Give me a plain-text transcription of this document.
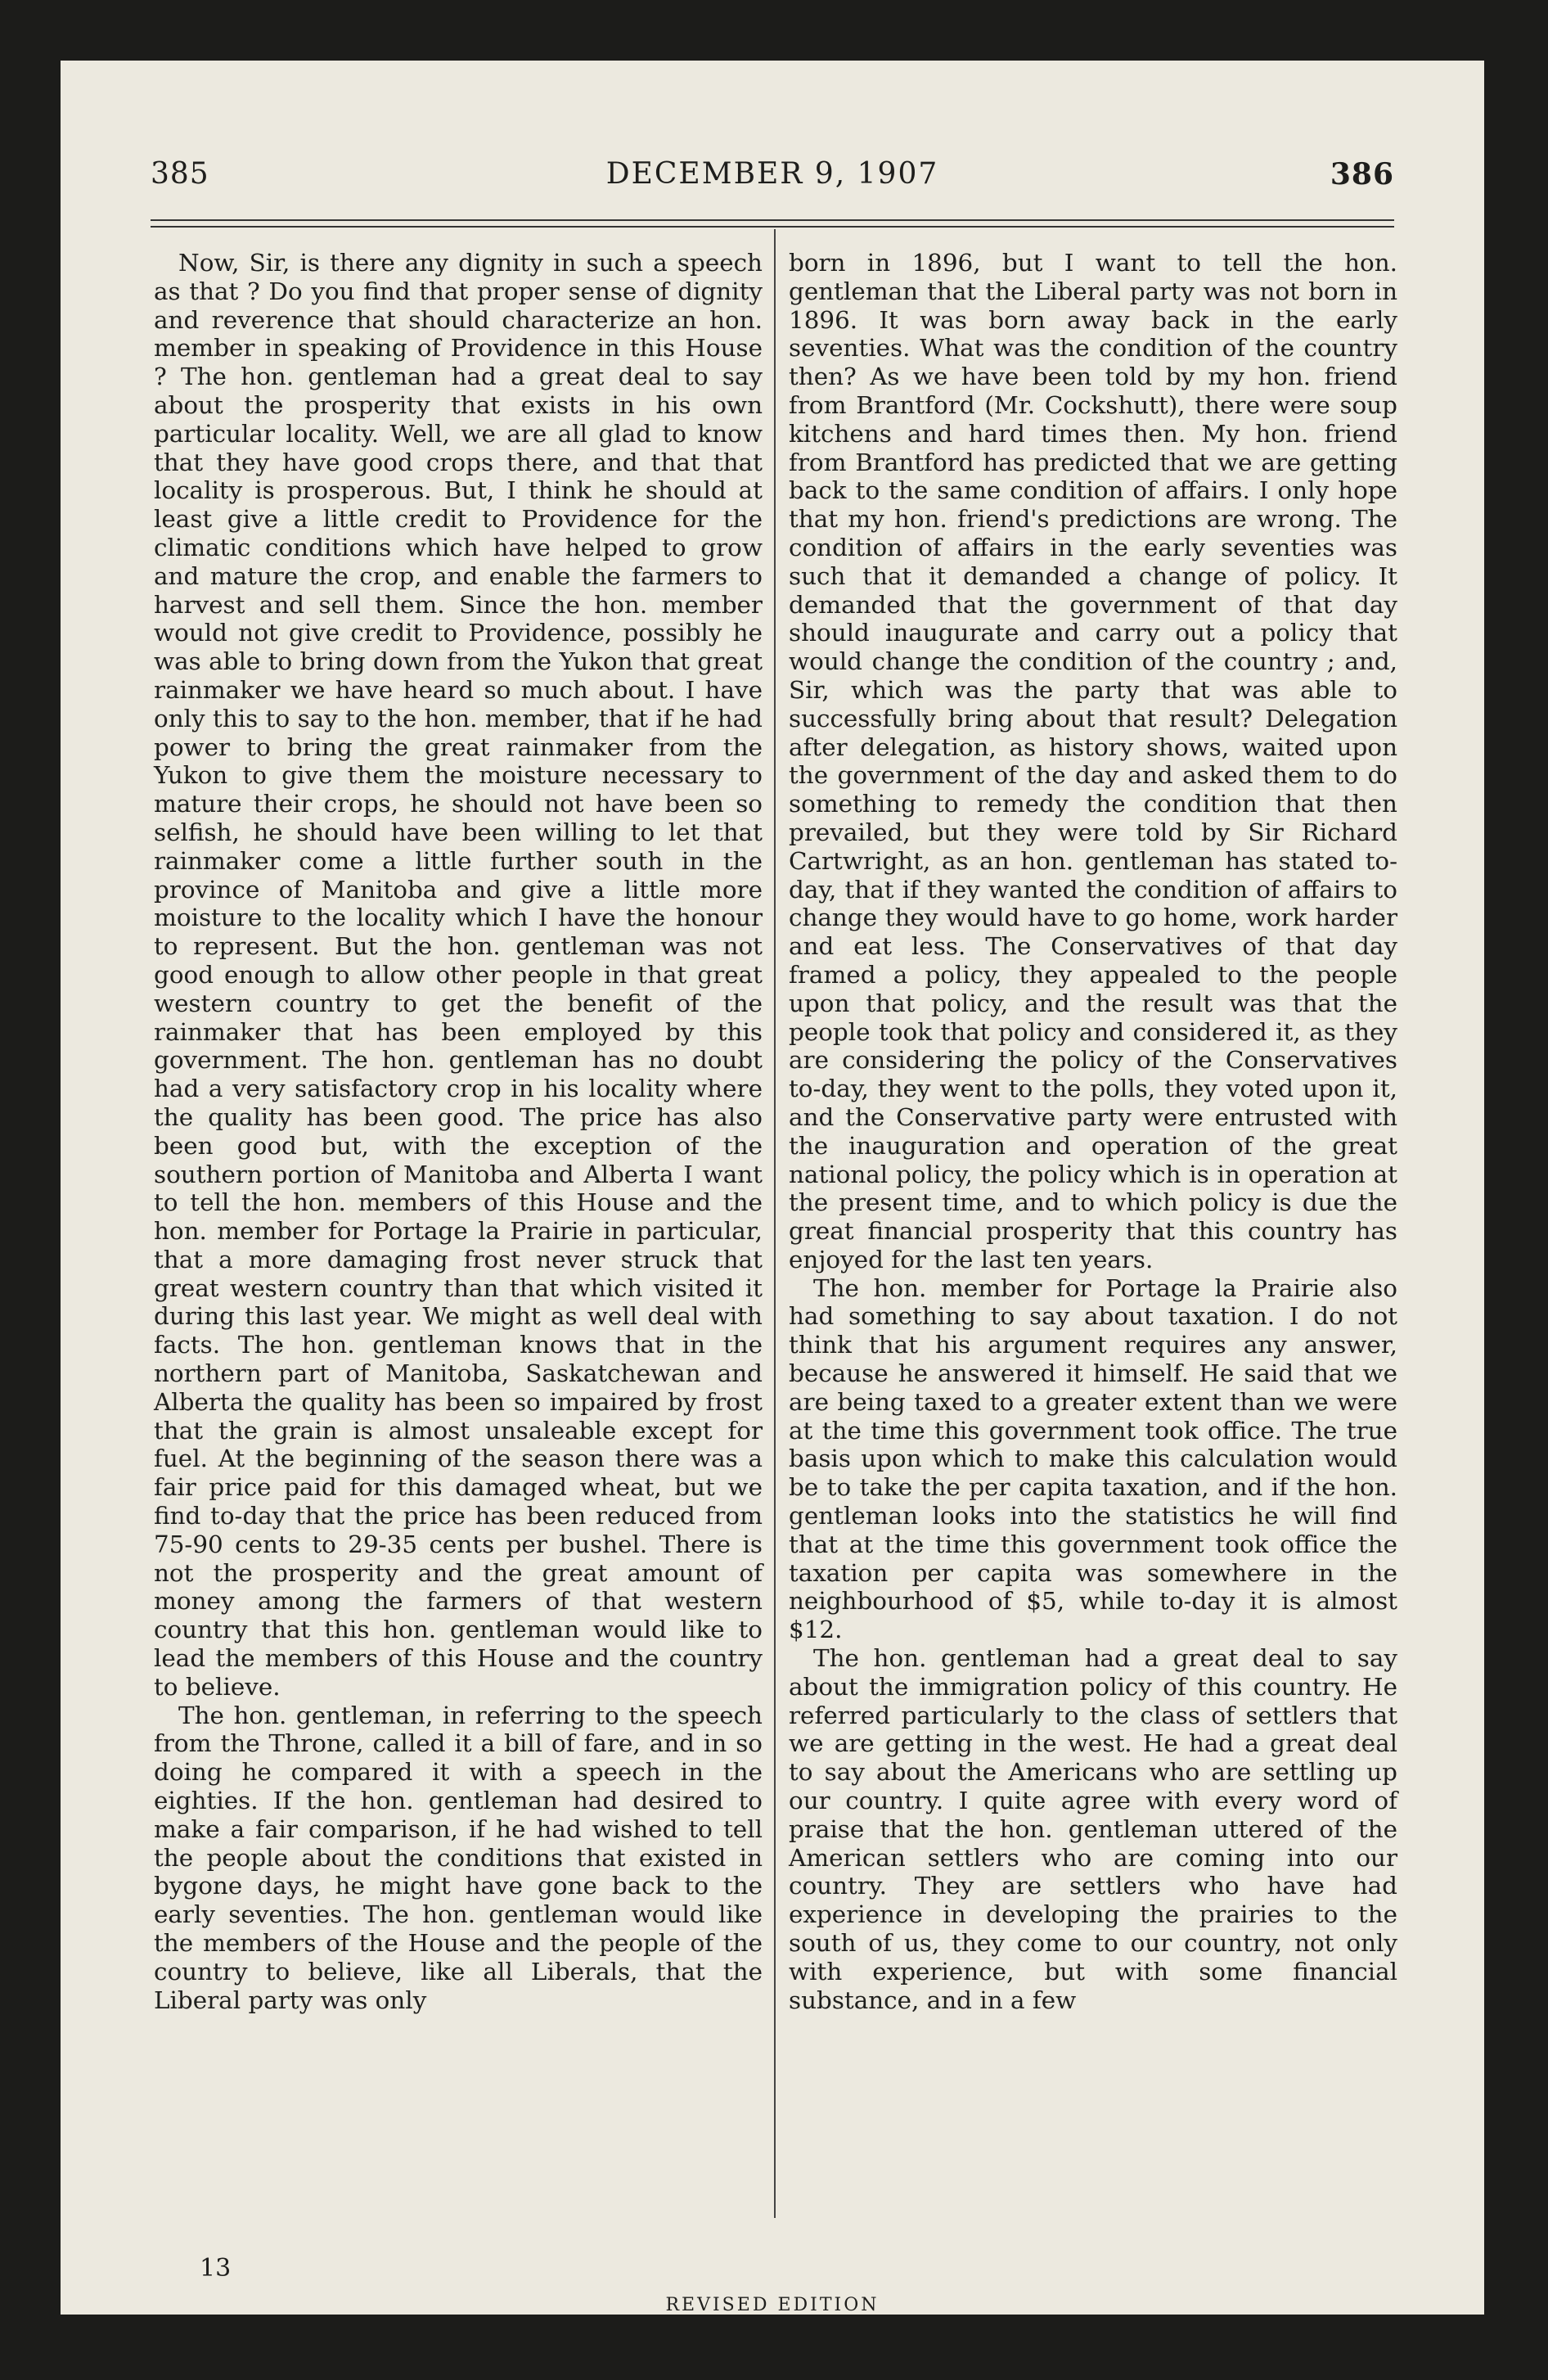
385	DECEMBER 9, 1907	386

Now, Sir, is there any dignity in such a speech as that ? Do you find that proper sense of dignity and reverence that should characterize an hon. member in speaking of Providence in this House ? The hon. gentleman had a great deal to say about the prosperity that exists in his own particular locality. Well, we are all glad to know that they have good crops there, and that that locality is prosperous. But, I think he should at least give a little credit to Providence for the climatic conditions which have helped to grow and mature the crop, and enable the farmers to harvest and sell them. Since the hon. member would not give credit to Providence, possibly he was able to bring down from the Yukon that great rainmaker we have heard so much about. I have only this to say to the hon. member, that if he had power to bring the great rainmaker from the Yukon to give them the moisture necessary to mature their crops, he should not have been so selfish, he should have been willing to let that rainmaker come a little further south in the province of Manitoba and give a little more moisture to the locality which I have the honour to represent. But the hon. gentleman was not good enough to allow other people in that great western country to get the benefit of the rainmaker that has been employed by this government. The hon. gentleman has no doubt had a very satisfactory crop in his locality where the quality has been good. The price has also been good but, with the exception of the southern portion of Manitoba and Alberta I want to tell the hon. members of this House and the hon. member for Portage la Prairie in particular, that a more damaging frost never struck that great western country than that which visited it during this last year. We might as well deal with facts. The hon. gentleman knows that in the northern part of Manitoba, Saskatchewan and Alberta the quality has been so impaired by frost that the grain is almost unsaleable except for fuel. At the beginning of the season there was a fair price paid for this damaged wheat, but we find to-day that the price has been reduced from 75-90 cents to 29-35 cents per bushel. There is not the prosperity and the great amount of money among the farmers of that western country that this hon. gentleman would like to lead the members of this House and the country to believe.

The hon. gentleman, in referring to the speech from the Throne, called it a bill of fare, and in so doing he compared it with a speech in the eighties. If the hon. gentleman had desired to make a fair comparison, if he had wished to tell the people about the conditions that existed in bygone days, he might have gone back to the early seventies. The hon. gentleman would like the members of the House and the people of the country to believe, like all Liberals, that the Liberal party was only

born in 1896, but I want to tell the hon. gentleman that the Liberal party was not born in 1896. It was born away back in the early seventies. What was the condition of the country then? As we have been told by my hon. friend from Brantford (Mr. Cockshutt), there were soup kitchens and hard times then. My hon. friend from Brantford has predicted that we are getting back to the same condition of affairs. I only hope that my hon. friend's predictions are wrong. The condition of affairs in the early seventies was such that it demanded a change of policy. It demanded that the government of that day should inaugurate and carry out a policy that would change the condition of the country ; and, Sir, which was the party that was able to successfully bring about that result? Delegation after delegation, as history shows, waited upon the government of the day and asked them to do something to remedy the condition that then prevailed, but they were told by Sir Richard Cartwright, as an hon. gentleman has stated to-day, that if they wanted the condition of affairs to change they would have to go home, work harder and eat less. The Conservatives of that day framed a policy, they appealed to the people upon that policy, and the result was that the people took that policy and considered it, as they are considering the policy of the Conservatives to-day, they went to the polls, they voted upon it, and the Conservative party were entrusted with the inauguration and operation of the great national policy, the policy which is in operation at the present time, and to which policy is due the great financial prosperity that this country has enjoyed for the last ten years.

The hon. member for Portage la Prairie also had something to say about taxation. I do not think that his argument requires any answer, because he answered it himself. He said that we are being taxed to a greater extent than we were at the time this government took office. The true basis upon which to make this calculation would be to take the per capita taxation, and if the hon. gentleman looks into the statistics he will find that at the time this government took office the taxation per capita was somewhere in the neighbourhood of $5, while to-day it is almost $12.

The hon. gentleman had a great deal to say about the immigration policy of this country. He referred particularly to the class of settlers that we are getting in the west. He had a great deal to say about the Americans who are settling up our country. I quite agree with every word of praise that the hon. gentleman uttered of the American settlers who are coming into our country. They are settlers who have had experience in developing the prairies to the south of us, they come to our country, not only with experience, but with some financial substance, and in a few

13
REVISED EDITION
